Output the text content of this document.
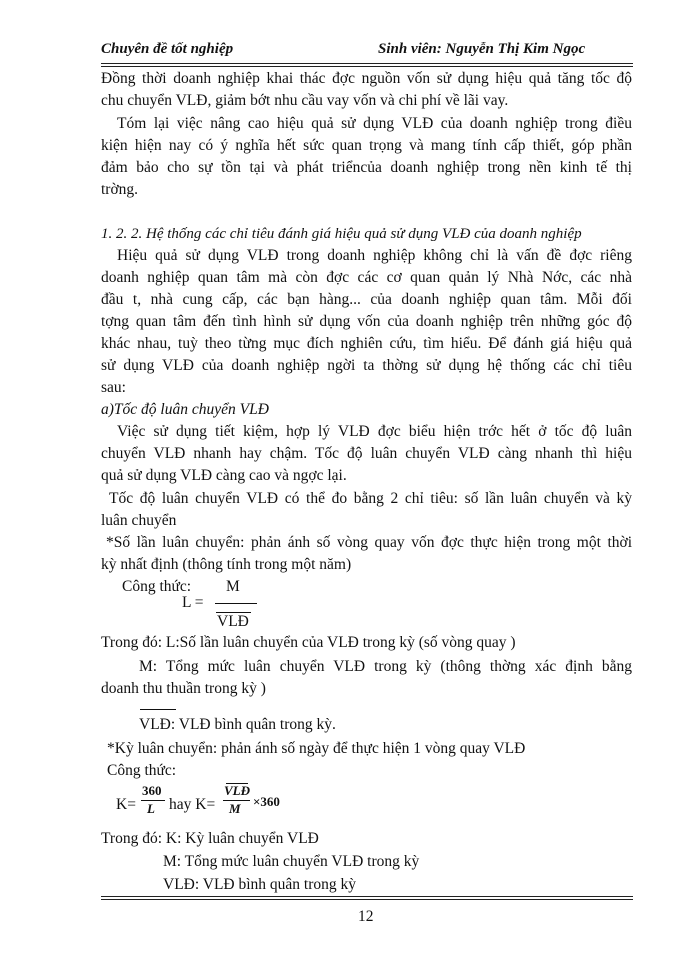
Chuyên đề tốt nghiệp	Sinh viên: Nguyễn Thị Kim Ngọc
Đồng thời doanh nghiệp khai thác đợc nguồn vốn sử dụng hiệu quả tăng tốc độ
chu chuyển VLĐ, giảm bớt nhu cầu vay vốn và chi phí về lãi vay.
Tóm lại việc nâng cao hiệu quả sử dụng VLĐ của doanh nghiệp trong điều
kiện hiện nay có ý nghĩa hết sức quan trọng và mang tính cấp thiết, góp phần
đảm bảo cho sự tồn tại và phát triểncủa doanh nghiệp trong nền kinh tế thị
trờng.
1. 2. 2. Hệ thống các chỉ tiêu đánh giá hiệu quả sử dụng VLĐ của doanh nghiệp
Hiệu quả sử dụng VLĐ trong doanh nghiệp không chỉ là vấn đề đợc riêng
doanh nghiệp quan tâm mà còn đợc các cơ quan quản lý Nhà Nớc, các nhà
đầu t, nhà cung cấp, các bạn hàng... của doanh nghiệp quan tâm. Mỗi đối
tợng quan tâm đến tình hình sử dụng vốn của doanh nghiệp trên những góc độ
khác nhau, tuỳ theo từng mục đích nghiên cứu, tìm hiểu. Để đánh giá hiệu quả
sử dụng VLĐ của doanh nghiệp ngời ta thờng sử dụng hệ thống các chỉ tiêu
sau:
a)Tốc độ luân chuyển VLĐ
Việc sử dụng tiết kiệm, hợp lý VLĐ đợc biểu hiện trớc hết ở tốc độ luân
chuyển VLĐ nhanh hay chậm. Tốc độ luân chuyển VLĐ càng nhanh thì hiệu
quả sử dụng VLĐ càng cao và ngợc lại.
Tốc độ luân chuyển VLĐ có thể đo bằng 2 chỉ tiêu: số lần luân chuyển và kỳ
luân chuyển
*Số lần luân chuyển: phản ánh số vòng quay vốn đợc thực hiện trong một thời
kỳ nhất định (thông tính trong một năm)
Công thức: M
L =
VLĐ
Trong đó: L:Số lần luân chuyển của VLĐ trong kỳ (số vòng quay )
M: Tổng mức luân chuyển VLĐ trong kỳ (thông thờng xác định bằng
doanh thu thuần trong kỳ )
VLĐ: VLĐ bình quân trong kỳ.
*Kỳ luân chuyển: phản ánh số ngày để thực hiện 1 vòng quay VLĐ
Công thức:
K=
360
L hay K=
VLĐ
M ×360
Trong đó: K: Kỳ luân chuyển VLĐ
M: Tổng mức luân chuyển VLĐ trong kỳ
VLĐ: VLĐ bình quân trong kỳ
12
